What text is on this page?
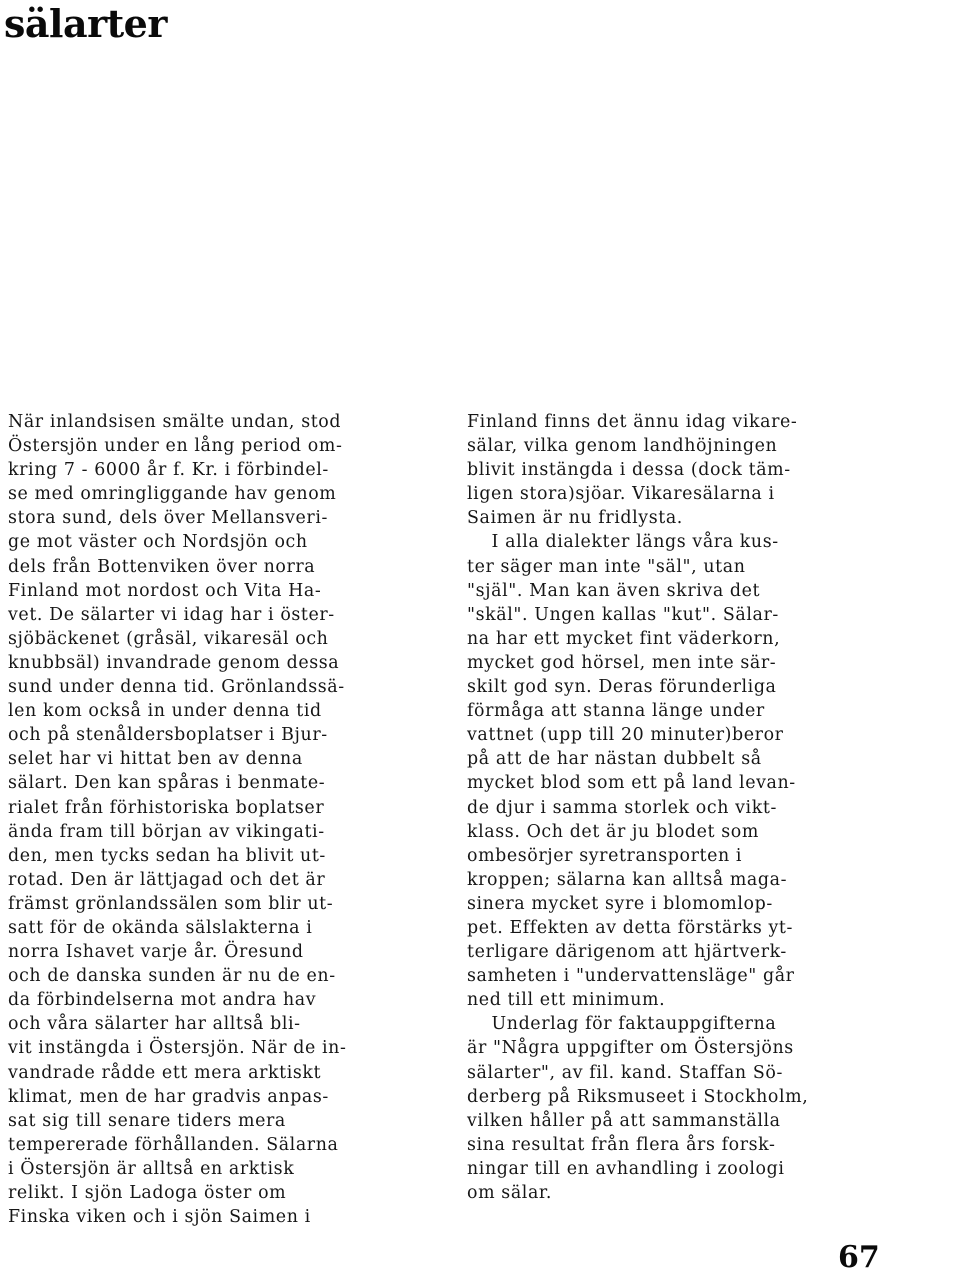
sälarter
När inlandsisen smälte undan, stod
Östersjön under en lång period om-
kring 7 - 6000 år f. Kr. i förbindel-
se med omringliggande hav genom
stora sund, dels över Mellansveri-
ge mot väster och Nordsjön och
dels från Bottenviken över norra
Finland mot nordost och Vita Ha-
vet. De sälarter vi idag har i öster-
sjöbäckenet (gråsäl, vikaresäl och
knubbsäl) invandrade genom dessa
sund under denna tid. Grönlandssä-
len kom också in under denna tid
och på stenåldersboplatser i Bjur-
selet har vi hittat ben av denna
sälart. Den kan spåras i benmate-
rialet från förhistoriska boplatser
ända fram till början av vikingati-
den, men tycks sedan ha blivit ut-
rotad. Den är lättjagad och det är
främst grönlandssälen som blir ut-
satt för de okända sälslakterna i
norra Ishavet varje år. Öresund
och de danska sunden är nu de en-
da förbindelserna mot andra hav
och våra sälarter har alltså bli-
vit instängda i Östersjön. När de in-
vandrade rådde ett mera arktiskt
klimat, men de har gradvis anpas-
sat sig till senare tiders mera
tempererade förhållanden. Sälarna
i Östersjön är alltså en arktisk
relikt. I sjön Ladoga öster om
Finska viken och i sjön Saimen i
Finland finns det ännu idag vikare-
sälar, vilka genom landhöjningen
blivit instängda i dessa (dock täm-
ligen stora)sjöar. Vikaresälarna i
Saimen är nu fridlysta.
I alla dialekter längs våra kus-
ter säger man inte "säl", utan
"själ". Man kan även skriva det
"skäl". Ungen kallas "kut". Sälar-
na har ett mycket fint väderkorn,
mycket god hörsel, men inte sär-
skilt god syn. Deras förunderliga
förmåga att stanna länge under
vattnet (upp till 20 minuter)beror
på att de har nästan dubbelt så
mycket blod som ett på land levan-
de djur i samma storlek och vikt-
klass. Och det är ju blodet som
ombesörjer syretransporten i
kroppen; sälarna kan alltså maga-
sinera mycket syre i blomomlop-
pet. Effekten av detta förstärks yt-
terligare därigenom att hjärtverk-
samheten i "undervattensläge" går
ned till ett minimum.
Underlag för faktauppgifterna
är "Några uppgifter om Östersjöns
sälarter", av fil. kand. Staffan Sö-
derberg på Riksmuseet i Stockholm,
vilken håller på att sammanställa
sina resultat från flera års forsk-
ningar till en avhandling i zoologi
om sälar.

67
